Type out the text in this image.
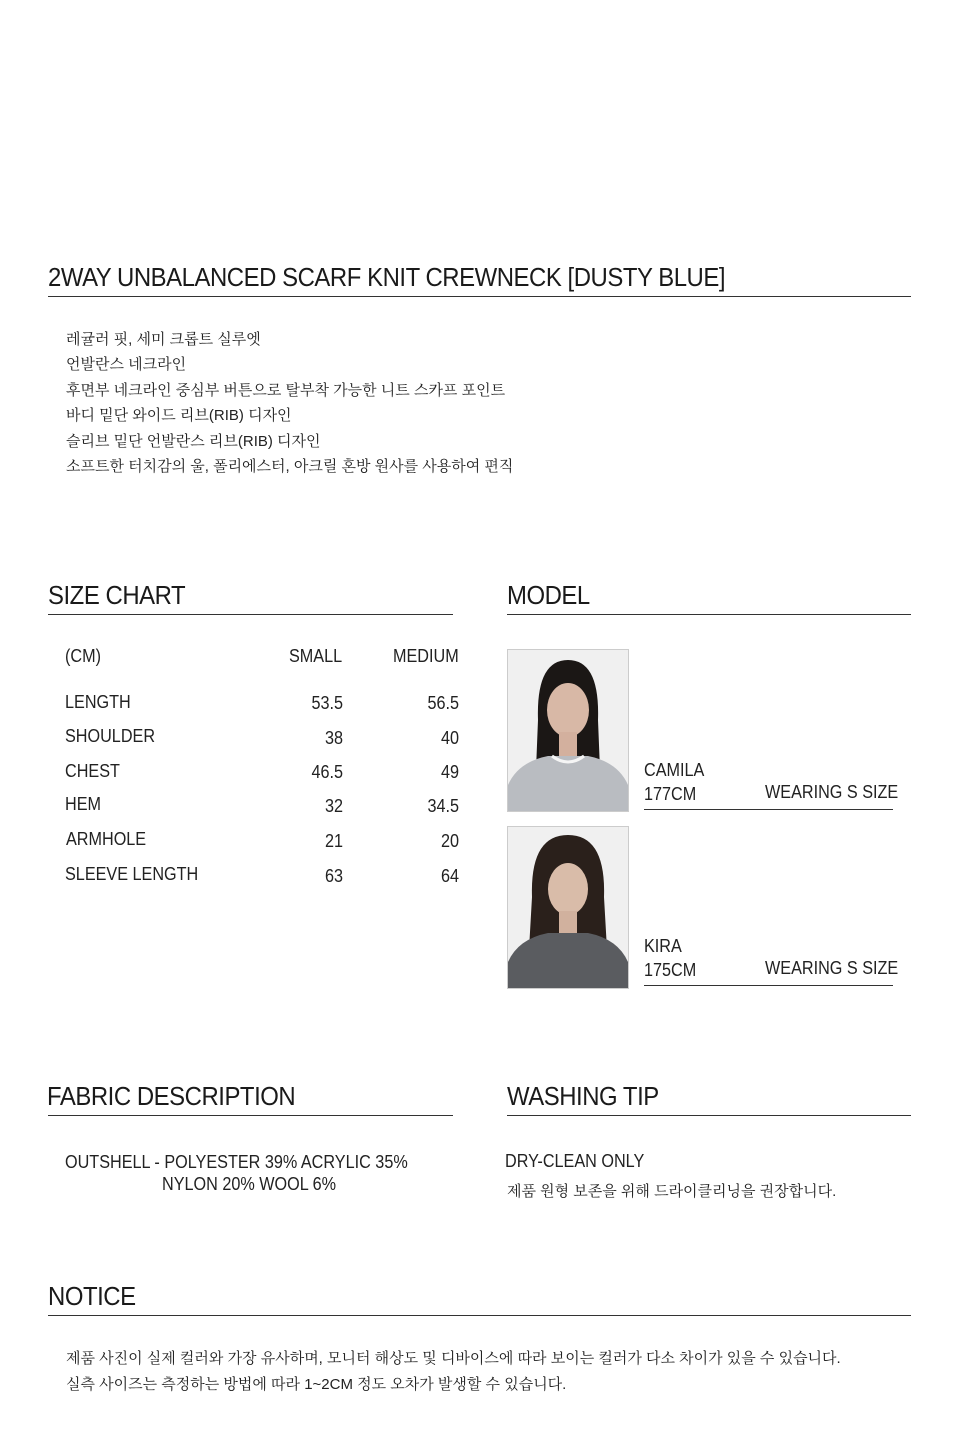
2WAY UNBALANCED SCARF KNIT CREWNECK [DUSTY BLUE]
레귤러 핏, 세미 크롭트 실루엣
언발란스 네크라인
후면부 네크라인 중심부 버튼으로 탈부착 가능한 니트 스카프 포인트
바디 밑단 와이드 리브(RIB) 디자인
슬리브 밑단 언발란스 리브(RIB) 디자인
소프트한 터치감의 울, 폴리에스터, 아크릴 혼방 원사를 사용하여 편직
SIZE CHART
(CM)	SMALL	MEDIUM
LENGTH	53.5	56.5
SHOULDER	38	40
CHEST	46.5	49
HEM	32	34.5
ARMHOLE	21	20
SLEEVE LENGTH	63	64
MODEL
CAMILA
177CM	WEARING S SIZE
KIRA
175CM	WEARING S SIZE
FABRIC DESCRIPTION
OUTSHELL - POLYESTER 39% ACRYLIC 35%
NYLON 20% WOOL 6%
WASHING TIP
DRY-CLEAN ONLY
제품 원형 보존을 위해 드라이클리닝을 권장합니다.
NOTICE
제품 사진이 실제 컬러와 가장 유사하며, 모니터 해상도 및 디바이스에 따라 보이는 컬러가 다소 차이가 있을 수 있습니다.
실측 사이즈는 측정하는 방법에 따라 1~2CM 정도 오차가 발생할 수 있습니다.
